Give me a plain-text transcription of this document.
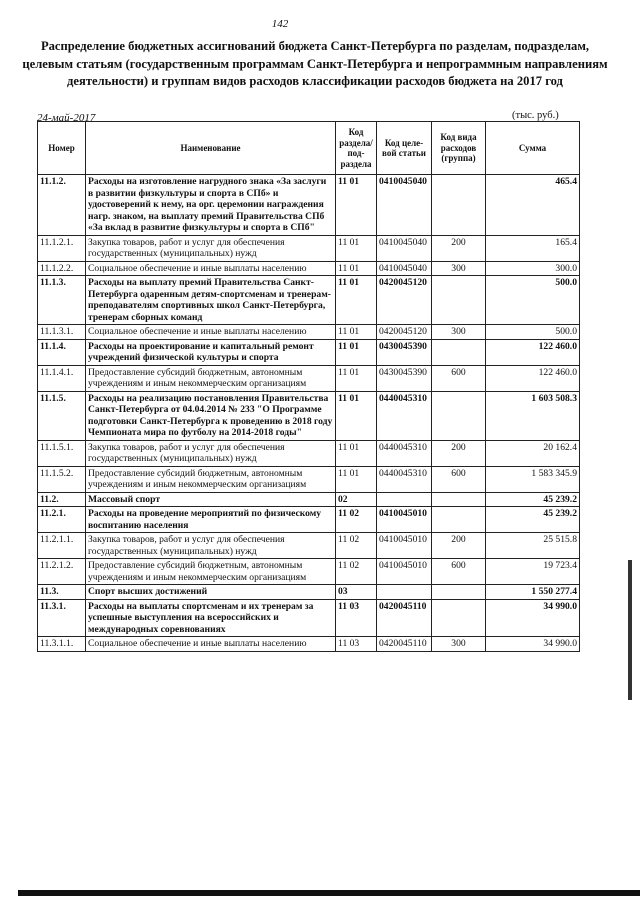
142
Распределение бюджетных ассигнований бюджета Санкт-Петербурга по разделам, подразделам, целевым статьям (государственным программам Санкт-Петербурга и непрограммным направлениям деятельности) и группам видов расходов классификации расходов бюджета на 2017 год
24-май-2017	(тыс. руб.)
Номер	Наименование	Код раздела/ под- раздела	Код целе- вой статьи	Код вида расходов (группа)	Сумма
11.1.2.	Расходы на изготовление нагрудного знака «За заслуги в развитии физкультуры и спорта в СПб» и удостоверений к нему, на орг. церемонии награждения нагр. знаком, на выплату премий Правительства СПб «За вклад в развитие физкультуры и спорта в СПб"	11 01	0410045040		465.4
11.1.2.1.	Закупка товаров, работ и услуг для обеспечения государственных (муниципальных) нужд	11 01	0410045040	200	165.4
11.1.2.2.	Социальное обеспечение и иные выплаты населению	11 01	0410045040	300	300.0
11.1.3.	Расходы на выплату премий Правительства Санкт-Петербурга одаренным детям-спортсменам и тренерам-преподавателям спортивных школ Санкт-Петербурга, тренерам сборных команд	11 01	0420045120		500.0
11.1.3.1.	Социальное обеспечение и иные выплаты населению	11 01	0420045120	300	500.0
11.1.4.	Расходы на проектирование и капитальный ремонт учреждений физической культуры и спорта	11 01	0430045390		122 460.0
11.1.4.1.	Предоставление субсидий бюджетным, автономным учреждениям и иным некоммерческим организациям	11 01	0430045390	600	122 460.0
11.1.5.	Расходы на реализацию постановления Правительства Санкт-Петербурга от 04.04.2014 № 233 "О Программе подготовки Санкт-Петербурга к проведению в 2018 году Чемпионата мира по футболу на 2014-2018 годы"	11 01	0440045310		1 603 508.3
11.1.5.1.	Закупка товаров, работ и услуг для обеспечения государственных (муниципальных) нужд	11 01	0440045310	200	20 162.4
11.1.5.2.	Предоставление субсидий бюджетным, автономным учреждениям и иным некоммерческим организациям	11 01	0440045310	600	1 583 345.9
11.2.	Массовый спорт	02			45 239.2
11.2.1.	Расходы на проведение мероприятий по физическому воспитанию населения	11 02	0410045010		45 239.2
11.2.1.1.	Закупка товаров, работ и услуг для обеспечения государственных (муниципальных) нужд	11 02	0410045010	200	25 515.8
11.2.1.2.	Предоставление субсидий бюджетным, автономным учреждениям и иным некоммерческим организациям	11 02	0410045010	600	19 723.4
11.3.	Спорт высших достижений	03			1 550 277.4
11.3.1.	Расходы на выплаты спортсменам и их тренерам за успешные выступления на всероссийских и международных соревнованиях	11 03	0420045110		34 990.0
11.3.1.1.	Социальное обеспечение и иные выплаты населению	11 03	0420045110	300	34 990.0
